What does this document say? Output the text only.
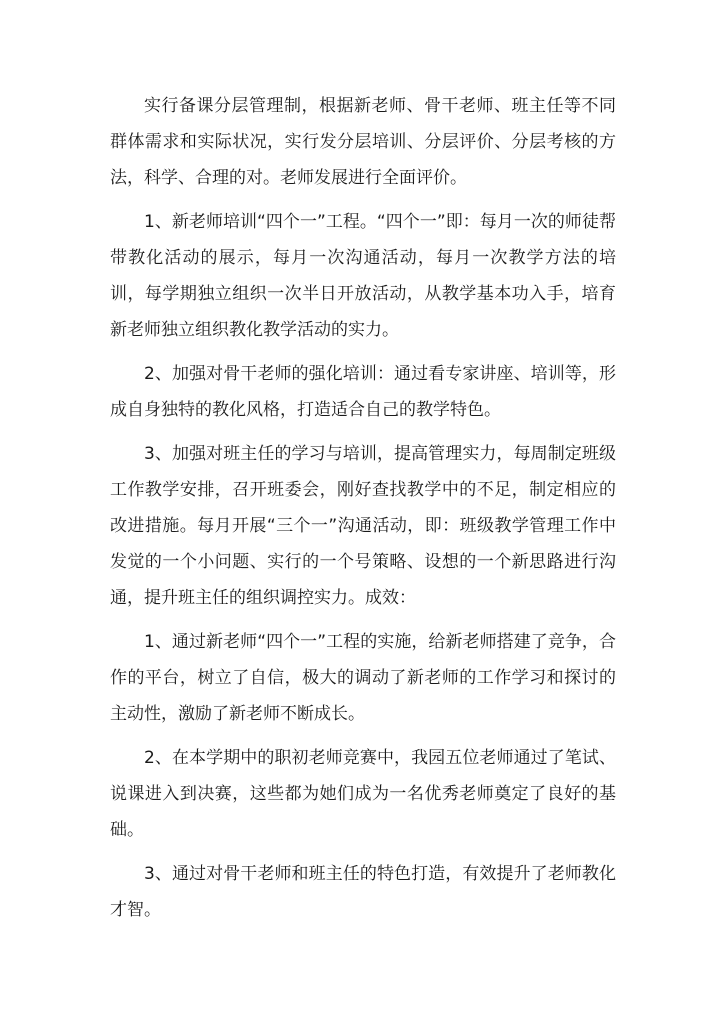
实行备课分层管理制，根据新老师、骨干老师、班主任等不同群体需求和实际状况，实行发分层培训、分层评价、分层考核的方法，科学、合理的对。老师发展进行全面评价。

1、新老师培训“四个一”工程。“四个一”即：每月一次的师徒帮带教化活动的展示，每月一次沟通活动，每月一次教学方法的培训，每学期独立组织一次半日开放活动，从教学基本功入手，培育新老师独立组织教化教学活动的实力。

2、加强对骨干老师的强化培训：通过看专家讲座、培训等，形成自身独特的教化风格，打造适合自己的教学特色。

3、加强对班主任的学习与培训，提高管理实力，每周制定班级工作教学安排，召开班委会，刚好查找教学中的不足，制定相应的改进措施。每月开展“三个一”沟通活动，即：班级教学管理工作中发觉的一个小问题、实行的一个号策略、设想的一个新思路进行沟通，提升班主任的组织调控实力。成效：

1、通过新老师“四个一”工程的实施，给新老师搭建了竞争，合作的平台，树立了自信，极大的调动了新老师的工作学习和探讨的主动性，激励了新老师不断成长。

2、在本学期中的职初老师竞赛中，我园五位老师通过了笔试、说课进入到决赛，这些都为她们成为一名优秀老师奠定了良好的基础。

3、通过对骨干老师和班主任的特色打造，有效提升了老师教化才智。
